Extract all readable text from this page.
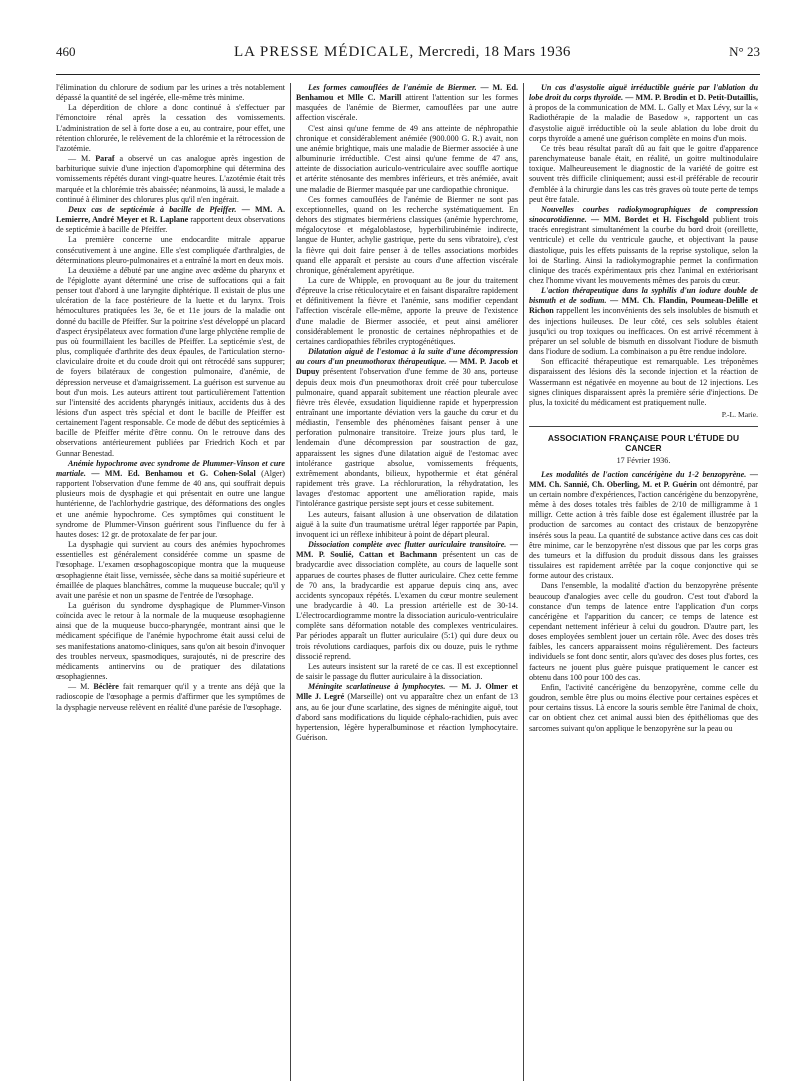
460	LA PRESSE MÉDICALE, Mercredi, 18 Mars 1936	N° 23

l'élimination du chlorure de sodium par les urines a très notablement dépassé la quantité de sel ingérée, elle-même très minime.

La déperdition de chlore a donc continué à s'effectuer par l'émonctoire rénal après la cessation des vomissements. L'administration de sel à forte dose a eu, au contraire, pour effet, une rétention chlorurée, le relèvement de la chlorémie et la rétrocession de l'azotémie.

— M. Paraf a observé un cas analogue après ingestion de barbiturique suivie d'une injection d'apomorphine qui détermina des vomissements répétés durant vingt-quatre heures. L'azotémie était très marquée et la chlorémie très abaissée; néanmoins, là aussi, le malade a continué à éliminer des chlorures plus qu'il n'en ingérait.

Deux cas de septicémie à bacille de Pfeiffer. — MM. A. Lemierre, André Meyer et R. Laplane rapportent deux observations de septicémie à bacille de Pfeiffer.

La première concerne une endocardite mitrale apparue consécutivement à une angine. Elle s'est compliquée d'arthralgies, de déterminations pleuro-pulmonaires et a entraîné la mort en deux mois.

La deuxième a débuté par une angine avec œdème du pharynx et de l'épiglotte ayant déterminé une crise de suffocations qui a fait penser tout d'abord à une laryngite diphtérique. Il existait de plus une ulcération de la face postérieure de la luette et du larynx. Trois hémocultures pratiquées les 3e, 6e et 11e jours de la maladie ont donné du bacille de Pfeiffer. Sur la poitrine s'est développé un placard d'aspect érysipélateux avec formation d'une large phlyctène remplie de pus où fourmillaient les bacilles de Pfeiffer. La septicémie s'est, de plus, compliquée d'arthrite des deux épaules, de l'articulation sterno-claviculaire droite et du coude droit qui ont rétrocédé sans suppurer; de foyers bilatéraux de congestion pulmonaire, d'anémie, de dépression nerveuse et d'amaigrissement. La guérison est survenue au bout d'un mois. Les auteurs attirent tout particulièrement l'attention sur l'intensité des accidents pharyngés initiaux, accidents dus à des lésions d'un aspect très spécial et dont le bacille de Pfeiffer est certainement l'agent responsable. Ce mode de début des septicémies à bacille de Pfeiffer mérite d'être connu. On le retrouve dans des observations antérieurement publiées par Friedrich Koch et par Gunnar Benestad.

Anémie hypochrome avec syndrome de Plummer-Vinson et cure martiale. — MM. Ed. Benhamou et G. Cohen-Solal (Alger) rapportent l'observation d'une femme de 40 ans, qui souffrait depuis plusieurs mois de dysphagie et qui présentait en outre une langue huntérienne, de l'achlorhydrie gastrique, des déformations des ongles et une anémie hypochrome. Ces symptômes qui constituent le syndrome de Plummer-Vinson guérirent sous l'influence du fer à hautes doses: 12 gr. de protoxalate de fer par jour.

La dysphagie qui survient au cours des anémies hypochromes essentielles est généralement considérée comme un spasme de l'œsophage. L'examen œsophagoscopique montra que la muqueuse œsophagienne était lisse, vernissée, sèche dans sa moitié supérieure et émaillée de plaques blanchâtres, comme la muqueuse buccale; qu'il y avait une parésie et non un spasme de l'entrée de l'œsophage.

La guérison du syndrome dysphagique de Plummer-Vinson coïncida avec le retour à la normale de la muqueuse œsophagienne ainsi que de la muqueuse bucco-pharyngée, montrant ainsi que le médicament spécifique de l'anémie hypochrome était aussi celui de ses manifestations anatomo-cliniques, sans qu'on ait besoin d'invoquer des troubles nerveux, spasmodiques, surajoutés, ni de prescrire des médicaments antinervins ou de pratiquer des dilatations œsophagiennes.

— M. Béclère fait remarquer qu'il y a trente ans déjà que la radioscopie de l'œsophage a permis d'affirmer que les symptômes de la dysphagie nerveuse relèvent en réalité d'une parésie de l'œsophage.

Les formes camouflées de l'anémie de Biermer. — M. Ed. Benhamou et Mlle C. Marill attirent l'attention sur les formes masquées de l'anémie de Biermer, camouflées par une autre affection viscérale.

C'est ainsi qu'une femme de 49 ans atteinte de néphropathie chronique et considérablement anémiée (900.000 G. R.) avait, non une anémie brightique, mais une maladie de Biermer associée à une albuminurie irréductible. C'est ainsi qu'une femme de 47 ans, atteinte de dissociation auriculo-ventriculaire avec souffle aortique et artérite sténosante des membres inférieurs, et très anémiée, avait une maladie de Biermer masquée par une cardiopathie chronique.

Ces formes camouflées de l'anémie de Biermer ne sont pas exceptionnelles, quand on les recherche systématiquement. En dehors des stigmates biermériens classiques (anémie hyperchrome, mégalocytose et mégaloblastose, hyperbilirubinémie indirecte, langue de Hunter, achylie gastrique, perte du sens vibratoire), c'est la fièvre qui doit faire penser à de telles associations morbides quand elle apparaît et persiste au cours d'une affection viscérale chronique, généralement apyrétique.

La cure de Whipple, en provoquant au 8e jour du traitement d'épreuve la crise réticulocytaire et en faisant disparaître rapidement et définitivement la fièvre et l'anémie, sans modifier cependant l'affection viscérale elle-même, apporte la preuve de l'existence d'une maladie de Biermer associée, et peut ainsi améliorer considérablement le pronostic de certaines néphropathies et de certaines cardiopathies fébriles cryptogénétiques.

Dilatation aiguë de l'estomac à la suite d'une décompression au cours d'un pneumothorax thérapeutique. — MM. P. Jacob et Dupuy présentent l'observation d'une femme de 30 ans, porteuse depuis deux mois d'un pneumothorax droit créé pour tuberculose pulmonaire, quand apparaît subitement une réaction pleurale avec fièvre très élevée, exsudation liquidienne rapide et hyperpression entraînant une importante déviation vers la gauche du cœur et du médiastin, l'ensemble des phénomènes faisant penser à une perforation pulmonaire transitoire. Treize jours plus tard, le lendemain d'une décompression par soustraction de gaz, apparaissent les signes d'une dilatation aiguë de l'estomac avec intolérance gastrique absolue, vomissements fréquents, extrêmement abondants, bilieux, hypothermie et état général rapidement très grave. La réchloruration, la réhydratation, les lavages d'estomac apportent une amélioration rapide, mais l'intolérance gastrique persiste sept jours et cesse subitement.

Les auteurs, faisant allusion à une observation de dilatation aiguë à la suite d'un traumatisme urétral léger rapportée par Papin, invoquent ici un réflexe inhibiteur à point de départ pleural.

Dissociation complète avec flutter auriculaire transitoire. — MM. P. Soulié, Cattan et Bachmann présentent un cas de bradycardie avec dissociation complète, au cours de laquelle sont apparues de courtes phases de flutter auriculaire. Chez cette femme de 70 ans, la bradycardie est apparue depuis cinq ans, avec accidents syncopaux répétés. L'examen du cœur montre seulement une bradycardie à 40. La pression artérielle est de 30-14. L'électrocardiogramme montre la dissociation auriculo-ventriculaire complète sans déformation notable des complexes ventriculaires. Par périodes apparaît un flutter auriculaire (5:1) qui dure deux ou trois révolutions cardiaques, parfois dix ou douze, puis le rythme dissocié reprend.

Les auteurs insistent sur la rareté de ce cas. Il est exceptionnel de saisir le passage du flutter auriculaire à la dissociation.

Méningite scarlatineuse à lymphocytes. — M. J. Olmer et Mlle J. Legré (Marseille) ont vu apparaître chez un enfant de 13 ans, au 6e jour d'une scarlatine, des signes de méningite aiguë, tout d'abord sans modifications du liquide céphalo-rachidien, puis avec hypertension, légère hyperalbuminose et réaction lymphocytaire. Guérison.

Un cas d'asystolie aiguë irréductible guérie par l'ablation du lobe droit du corps thyroïde. — MM. P. Brodin et D. Petit-Dutaillis, à propos de la communication de MM. L. Gally et Max Lévy, sur la « Radiothérapie de la maladie de Basedow », rapportent un cas d'asystolie aiguë irréductible où la seule ablation du lobe droit du corps thyroïde a amené une guérison complète en moins d'un mois.

Ce très beau résultat paraît dû au fait que le goitre d'apparence parenchymateuse banale était, en réalité, un goitre multinodulaire toxique. Malheureusement le diagnostic de la variété de goitre est souvent très difficile cliniquement; aussi est-il préférable de recourir d'emblée à la chirurgie dans les cas très graves où toute perte de temps peut être fatale.

Nouvelles courbes radiokymographiques de compression sinocarotidienne. — MM. Bordet et H. Fischgold publient trois tracés enregistrant simultanément la courbe du bord droit (oreillette, ventricule) et celle du ventricule gauche, et objectivant la pause diastolique, puis les effets puissants de la reprise systolique, selon la loi de Starling. Ainsi la radiokymographie permet la confirmation clinique des tracés expérimentaux pris chez l'animal en extériorisant chez l'homme vivant les mouvements mêmes des parois du cœur.

L'action thérapeutique dans la syphilis d'un iodure double de bismuth et de sodium. — MM. Ch. Flandin, Poumeau-Delille et Richon rappellent les inconvénients des sels insolubles de bismuth et des injections huileuses. De leur côté, ces sels solubles étaient jusqu'ici ou trop toxiques ou inefficaces. On est arrivé récemment à préparer un sel soluble de bismuth en dissolvant l'iodure de bismuth dans l'iodure de sodium. La combinaison a pu être rendue indolore.

Son efficacité thérapeutique est remarquable. Les tréponèmes disparaissent des lésions dès la seconde injection et la réaction de Wassermann est négativée en moyenne au bout de 12 injections. Les signes cliniques disparaissent après la première série d'injections. De plus, la toxicité du médicament est pratiquement nulle.

P.-L. Marie.
ASSOCIATION FRANÇAISE POUR L'ÉTUDE DU CANCER
17 Février 1936.

Les modalités de l'action cancérigène du 1-2 benzopyrène. — MM. Ch. Sannié, Ch. Oberling, M. et P. Guérin ont démontré, par un certain nombre d'expériences, l'action cancérigène du benzopyrène, même à des doses totales très faibles de 2/10 de milligramme à 1 milligr. Cette action à très faible dose est également illustrée par la production de sarcomes au contact des cristaux de benzopyrène insérés sous la peau. La quantité de substance active dans ces cas doit être minime, car le benzopyrène n'est dissous que par les corps gras des tumeurs et la diffusion du produit dissous dans les graisses tissulaires est rapidement arrêtée par la coque conjonctive qui se forme autour des cristaux.

Dans l'ensemble, la modalité d'action du benzopyrène présente beaucoup d'analogies avec celle du goudron. C'est tout d'abord la constance d'un temps de latence entre l'application d'un corps cancérigène et l'apparition du cancer; ce temps de latence est cependant nettement inférieur à celui du goudron. D'autre part, les doses employées semblent jouer un certain rôle. Avec des doses très faibles, les cancers apparaissent moins régulièrement. Des facteurs individuels se font donc sentir, alors qu'avec des doses plus fortes, ces facteurs ne jouent plus guère puisque pratiquement le cancer est obtenu dans 100 pour 100 des cas.

Enfin, l'activité cancérigène du benzopyrène, comme celle du goudron, semble être plus ou moins élective pour certaines espèces et pour certains tissus. Là encore la souris semble être l'animal de choix, car on obtient chez cet animal aussi bien des épithéliomas que des sarcomes suivant qu'on applique le benzopyrène sur la peau ou
